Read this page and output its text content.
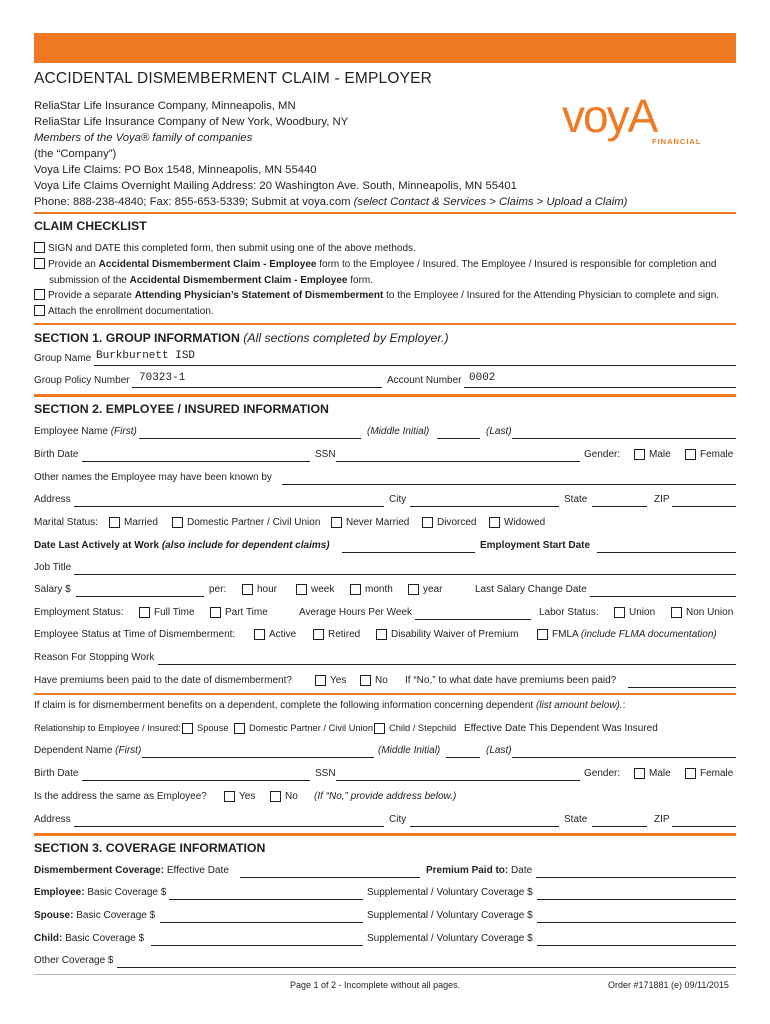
ACCIDENTAL DISMEMBERMENT CLAIM - EMPLOYER
ReliaStar Life Insurance Company, Minneapolis, MN
ReliaStar Life Insurance Company of New York, Woodbury, NY
Members of the Voya® family of companies
(the “Company”)
Voya Life Claims: PO Box 1548, Minneapolis, MN 55440
Voya Life Claims Overnight Mailing Address: 20 Washington Ave. South, Minneapolis, MN 55401
Phone: 888-238-4840; Fax: 855-653-5339; Submit at voya.com (select Contact & Services > Claims > Upload a Claim)
voyA
FINANCIAL
CLAIM CHECKLIST
SIGN and DATE this completed form, then submit using one of the above methods.
Provide an Accidental Dismemberment Claim - Employee form to the Employee / Insured. The Employee / Insured is responsible for completion and
submission of the Accidental Dismemberment Claim - Employee form.
Provide a separate Attending Physician’s Statement of Dismemberment to the Employee / Insured for the Attending Physician to complete and sign.
Attach the enrollment documentation.
SECTION 1. GROUP INFORMATION (All sections completed by Employer.)
Group Name Burkburnett ISD
Group Policy Number 70323-1	Account Number 0002
SECTION 2. EMPLOYEE / INSURED INFORMATION
Employee Name (First)	(Middle Initial)	(Last)
Birth Date	SSN	Gender:	Male	Female
Other names the Employee may have been known by
Address	City	State	ZIP
Marital Status:	Married	Domestic Partner / Civil Union	Never Married	Divorced	Widowed
Date Last Actively at Work (also include for dependent claims)	Employment Start Date
Job Title
Salary $	per:	hour	week	month	year	Last Salary Change Date
Employment Status:	Full Time	Part Time	Average Hours Per Week	Labor Status:	Union	Non Union
Employee Status at Time of Dismemberment:	Active	Retired	Disability Waiver of Premium	FMLA (include FLMA documentation)
Reason For Stopping Work
Have premiums been paid to the date of dismemberment?	Yes	No If “No,” to what date have premiums been paid?
If claim is for dismemberment benefits on a dependent, complete the following information concerning dependent (list amount below).:
Relationship to Employee / Insured: Spouse Domestic Partner / Civil Union Child / Stepchild Effective Date This Dependent Was Insured
Dependent Name (First)	(Middle Initial)	(Last)
Birth Date	SSN	Gender:	Male	Female
Is the address the same as Employee?	Yes	No (If “No,” provide address below.)
Address	City	State	ZIP
SECTION 3. COVERAGE INFORMATION
Dismemberment Coverage: Effective Date	Premium Paid to: Date
Employee: Basic Coverage $	Supplemental / Voluntary Coverage $
Spouse: Basic Coverage $	Supplemental / Voluntary Coverage $
Child: Basic Coverage $	Supplemental / Voluntary Coverage $
Other Coverage $
Page 1 of 2 - Incomplete without all pages.	Order #171881 (e) 09/11/2015
